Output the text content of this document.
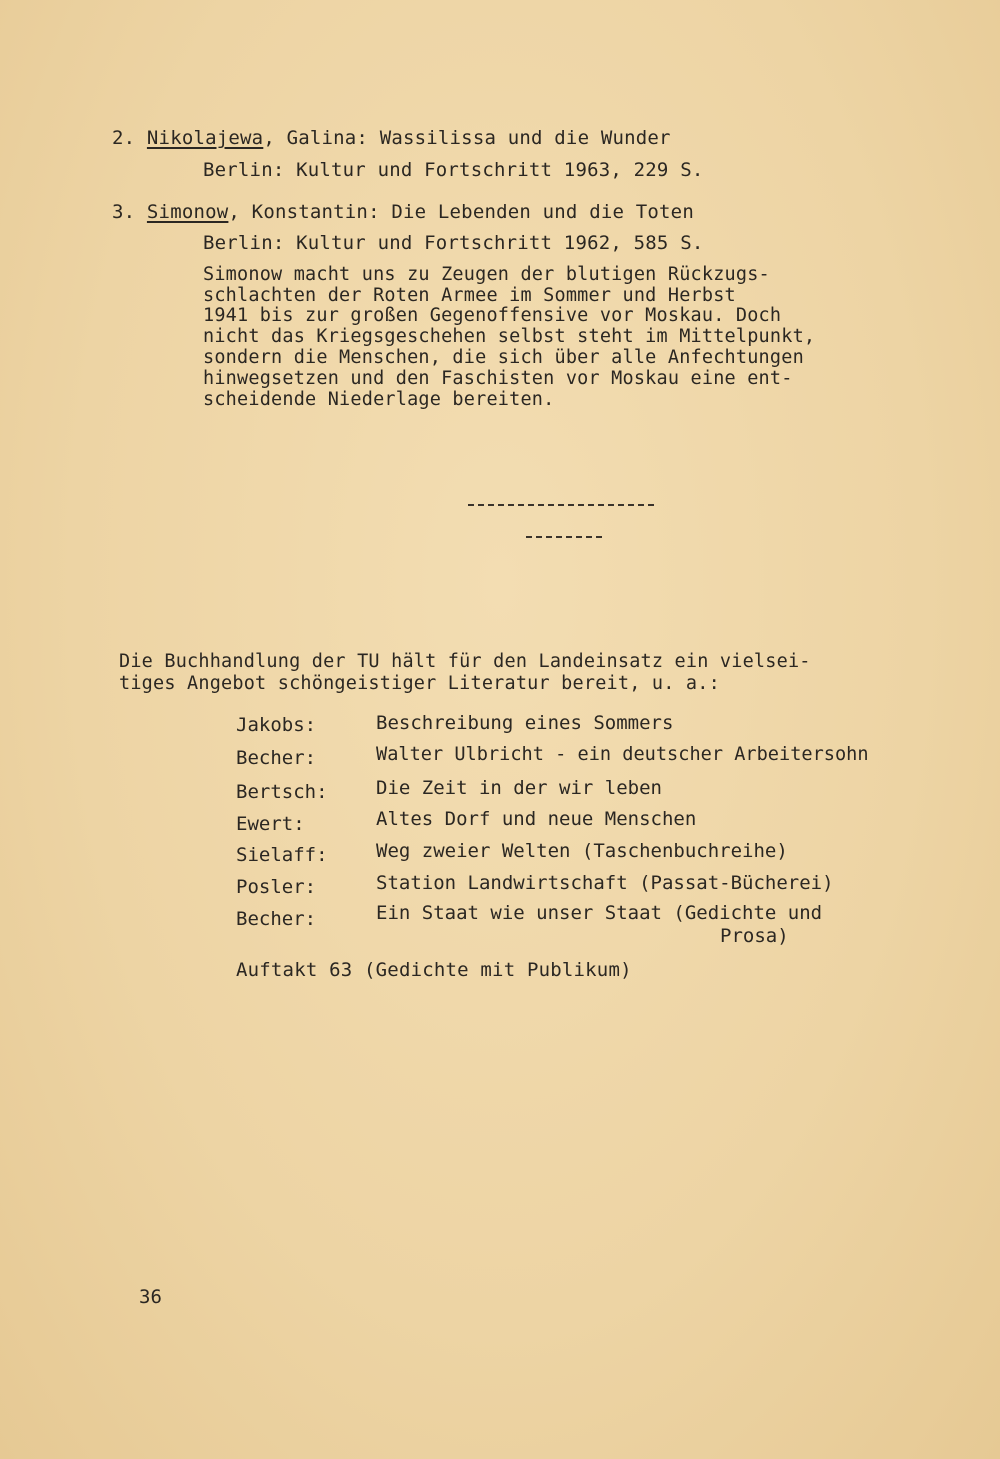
2. Nikolajewa, Galina: Wassilissa und die Wunder
Berlin: Kultur und Fortschritt 1963, 229 S.
3. Simonow, Konstantin: Die Lebenden und die Toten
Berlin: Kultur und Fortschritt 1962, 585 S.
Simonow macht uns zu Zeugen der blutigen Rückzugs-
schlachten der Roten Armee im Sommer und Herbst
1941 bis zur großen Gegenoffensive vor Moskau. Doch
nicht das Kriegsgeschehen selbst steht im Mittelpunkt,
sondern die Menschen, die sich über alle Anfechtungen
hinwegsetzen und den Faschisten vor Moskau eine ent-
scheidende Niederlage bereiten.
Die Buchhandlung der TU hält für den Landeinsatz ein vielsei-
tiges Angebot schöngeistiger Literatur bereit, u. a.:
Jakobs:	Beschreibung eines Sommers
Becher:	Walter Ulbricht - ein deutscher Arbeitersohn
Bertsch:	Die Zeit in der wir leben
Ewert:	Altes Dorf und neue Menschen
Sielaff:	Weg zweier Welten (Taschenbuchreihe)
Posler:	Station Landwirtschaft (Passat-Bücherei)
Becher:	Ein Staat wie unser Staat (Gedichte und
Prosa)
Auftakt 63 (Gedichte mit Publikum)
36
